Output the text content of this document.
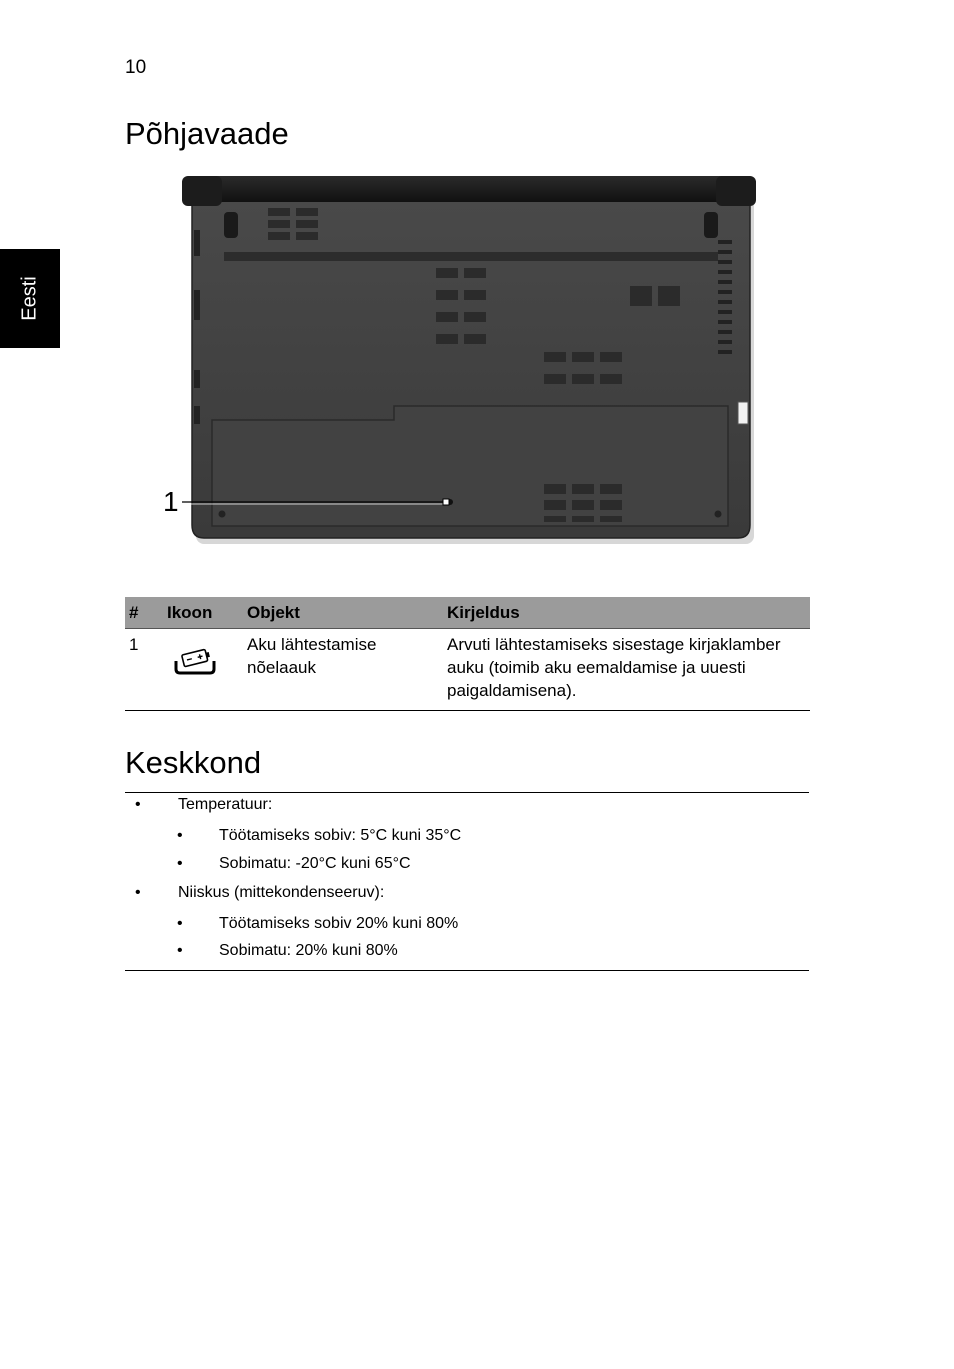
10
Eesti
Põhjavaade
1
#	Ikoon	Objekt	Kirjeldus
1		Aku lähtestamise nõelaauk	Arvuti lähtestamiseks sisestage kirjaklamber auku (toimib aku eemaldamise ja uuesti paigaldamisena).
Keskkond
• Temperatuur:
• Töötamiseks sobiv: 5°C kuni 35°C
• Sobimatu: -20°C kuni 65°C
• Niiskus (mittekondenseeruv):
• Töötamiseks sobiv 20% kuni 80%
• Sobimatu: 20% kuni 80%
